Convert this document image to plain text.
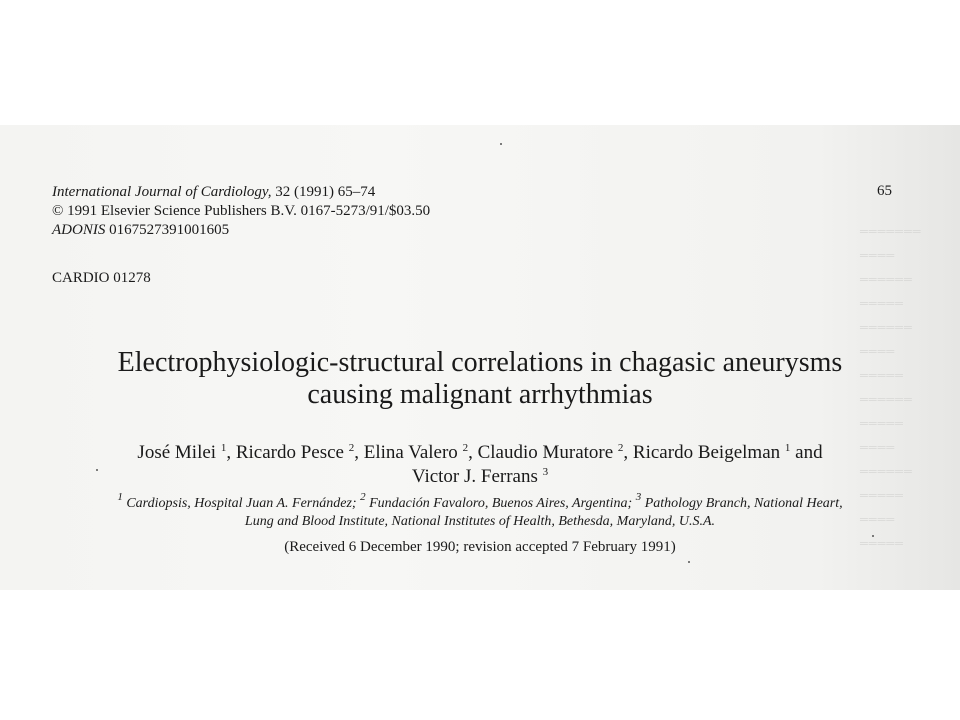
═══════
════
══════
═════
══════
════
═════
══════
═════
════
══════
═════
════
═════
International Journal of Cardiology, 32 (1991) 65–74
© 1991 Elsevier Science Publishers B.V. 0167-5273/91/$03.50
ADONIS 0167527391001605
65
CARDIO 01278
Electrophysiologic-structural correlations in chagasic aneurysms
causing malignant arrhythmias
José Milei $^1$, Ricardo Pesce $^2$, Elina Valero $^2$, Claudio Muratore $^2$, Ricardo Beigelman $^1$ and
Victor J. Ferrans $^3$
$^1$ Cardiopsis, Hospital Juan A. Fernández; $^2$ Fundación Favaloro, Buenos Aires, Argentina; $^3$ Pathology Branch, National Heart,
Lung and Blood Institute, National Institutes of Health, Bethesda, Maryland, U.S.A.
(Received 6 December 1990; revision accepted 7 February 1991)
